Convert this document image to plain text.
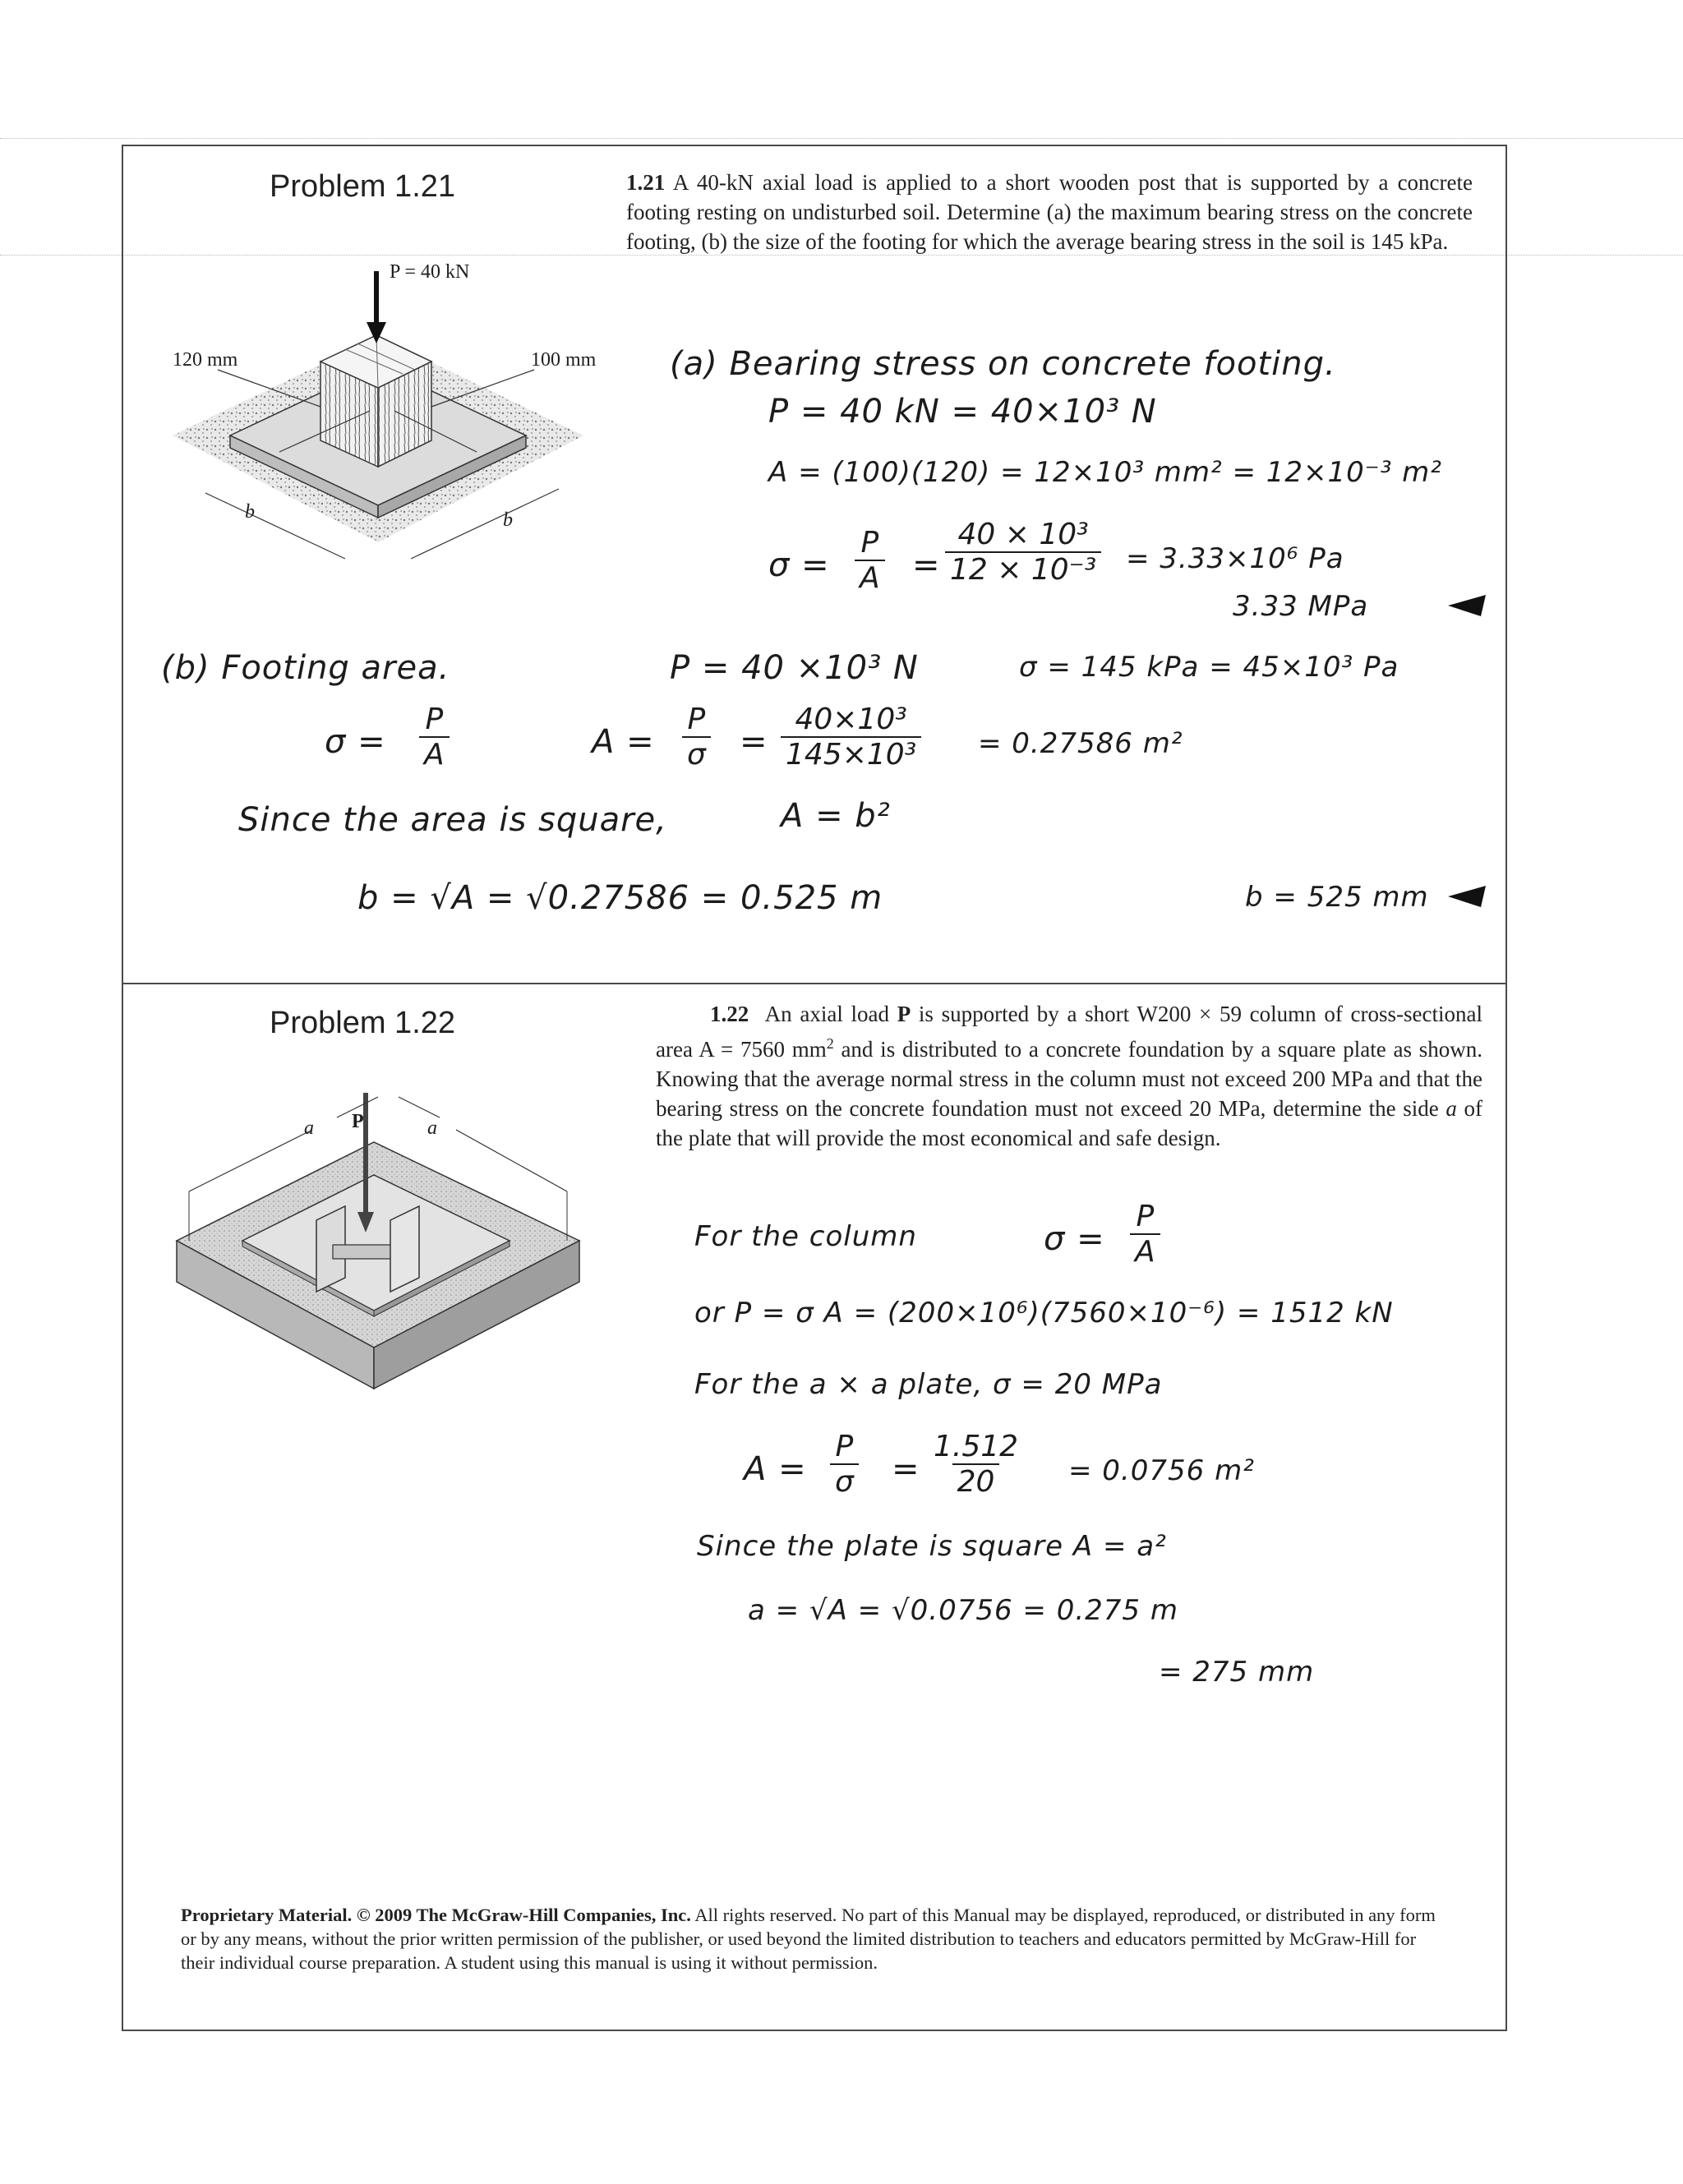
Problem 1.21	1.21 A 40-kN axial load is applied to a short wooden post that is supported by a concrete footing resting on undisturbed soil. Determine (a) the maximum bearing stress on the concrete footing, (b) the size of the footing for which the average bearing stress in the soil is 145 kPa.
P = 40 kN
120 mm	100 mm
b	b
(a) Bearing stress on concrete footing.
P = 40 kN = 40×10³ N
A = (100)(120) = 12×10³ mm² = 12×10⁻³ m²
$\sigma = \frac{P}{A} = \frac{\text{40 × 10³}}{\text{12 × 10⁻³}} = 3.33\times 10^6$ Pa
3.33 MPa
(b) Footing area.	P = 40 ×10³ N	σ = 145 kPa = 45×10³ Pa
$\sigma = \frac{P}{A}$	$A = \frac{P}{\sigma} = \frac{\text{40×10³}}{\text{145×10³}} = 0.27586$ m²
Since the area is square,	A = b²
b = √A = √0.27586 = 0.525 m	b = 525 mm
Problem 1.22	1.22 An axial load P is supported by a short W200 × 59 column of cross-sectional area A = 7560 $mm^2$ and is distributed to a concrete foundation by a square plate as shown. Knowing that the average normal stress in the column must not exceed 200 MPa and that the bearing stress on the concrete foundation must not exceed 20 MPa, determine the side a of the plate that will provide the most economical and safe design.
a P	a
For the column	$\sigma = \frac{P}{A}$
or P = σ A = (200×10⁶)(7560×10⁻⁶) = 1512 kN
For the a × a plate, σ = 20 MPa
$A = \frac{P}{\sigma} = \frac{1.512}{20} = 0.0756$ m²
Since the plate is square A = a²
a = √A = √0.0756 = 0.275 m
= 275 mm
Proprietary Material. © 2009 The McGraw-Hill Companies, Inc. All rights reserved. No part of this Manual may be displayed, reproduced, or distributed in any form or by any means, without the prior written permission of the publisher, or used beyond the limited distribution to teachers and educators permitted by McGraw-Hill for their individual course preparation. A student using this manual is using it without permission.
